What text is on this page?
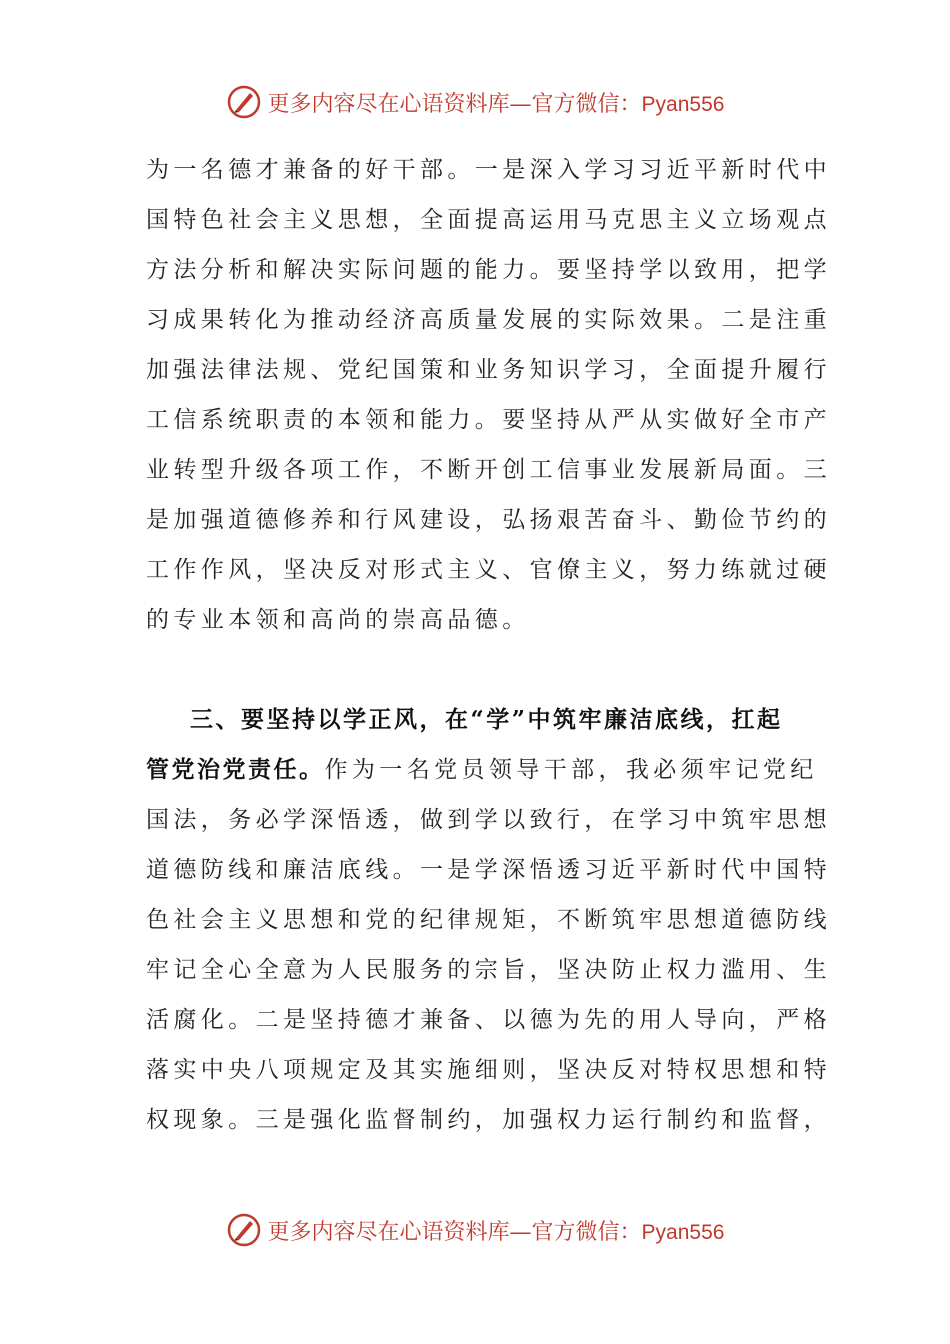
更多内容尽在心语资料库—官方微信：Pyan556
为一名德才兼备的好干部。一是深入学习习近平新时代中
国特色社会主义思想，全面提高运用马克思主义立场观点
方法分析和解决实际问题的能力。要坚持学以致用，把学
习成果转化为推动经济高质量发展的实际效果。二是注重
加强法律法规、党纪国策和业务知识学习，全面提升履行
工信系统职责的本领和能力。要坚持从严从实做好全市产
业转型升级各项工作，不断开创工信事业发展新局面。三
是加强道德修养和行风建设，弘扬艰苦奋斗、勤俭节约的
工作作风，坚决反对形式主义、官僚主义，努力练就过硬
的专业本领和高尚的崇高品德。
三、要坚持以学正风，在“学”中筑牢廉洁底线，扛起
管党治党责任。作为一名党员领导干部，我必须牢记党纪
国法，务必学深悟透，做到学以致行，在学习中筑牢思想
道德防线和廉洁底线。一是学深悟透习近平新时代中国特
色社会主义思想和党的纪律规矩，不断筑牢思想道德防线
牢记全心全意为人民服务的宗旨，坚决防止权力滥用、生
活腐化。二是坚持德才兼备、以德为先的用人导向，严格
落实中央八项规定及其实施细则，坚决反对特权思想和特
权现象。三是强化监督制约，加强权力运行制约和监督，
更多内容尽在心语资料库—官方微信：Pyan556
